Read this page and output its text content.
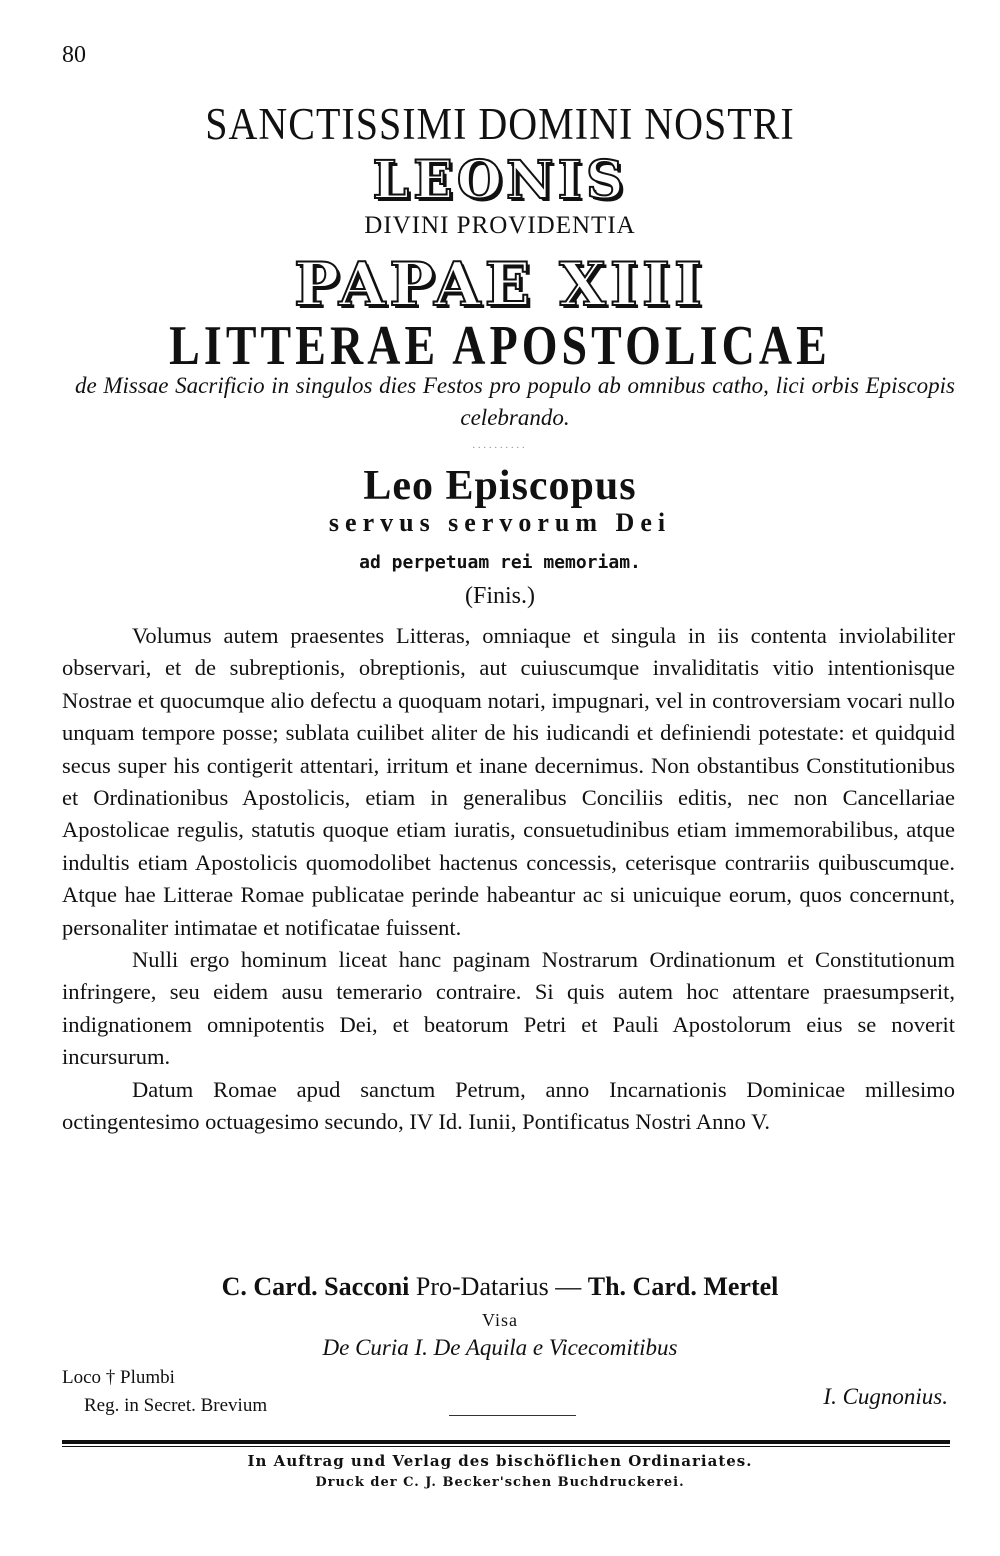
80
SANCTISSIMI DOMINI NOSTRI
LEONIS
DIVINI PROVIDENTIA
PAPAE XIII
LITTERAE APOSTOLICAE
de Missae Sacrificio in singulos dies Festos pro populo ab omnibus catho, lici orbis Episcopis celebrando.
..........
Leo Episcopus
servus servorum Dei
ad perpetuam rei memoriam.
(Finis.)

Volumus autem praesentes Litteras, omniaque et singula in iis contenta inviolabiliter observari, et de subreptionis, obreptionis, aut cuiuscumque invaliditatis vitio intentionisque Nostrae et quocumque alio defectu a quoquam notari, impugnari, vel in controversiam vocari nullo unquam tempore posse; sublata cuilibet aliter de his iudicandi et definiendi potestate: et quidquid secus super his contigerit attentari, irritum et inane decernimus. Non obstantibus Constitutionibus et Ordinationibus Apostolicis, etiam in generalibus Conciliis editis, nec non Cancellariae Apostolicae regulis, statutis quoque etiam iuratis, consuetudinibus etiam immemorabilibus, atque indultis etiam Apostolicis quomodolibet hactenus concessis, ceterisque contrariis quibuscumque. Atque hae Litterae Romae publicatae perinde habeantur ac si unicuique eorum, quos concernunt, personaliter intimatae et notificatae fuissent.

Nulli ergo hominum liceat hanc paginam Nostrarum Ordinationum et Constitutionum infringere, seu eidem ausu temerario contraire. Si quis autem hoc attentare praesumpserit, indignationem omnipotentis Dei, et beatorum Petri et Pauli Apostolorum eius se noverit incursurum.

Datum Romae apud sanctum Petrum, anno Incarnationis Dominicae millesimo octingentesimo octuagesimo secundo, IV Id. Iunii, Pontificatus Nostri Anno V.

C. Card. Sacconi Pro-Datarius — Th. Card. Mertel
Visa
De Curia I. De Aquila e Vicecomitibus
Loco † Plumbi
Reg. in Secret. Brevium	I. Cugnonius.
In Auftrag und Verlag des bischöflichen Ordinariates.
Druck der C. J. Becker'schen Buchdruckerei.
